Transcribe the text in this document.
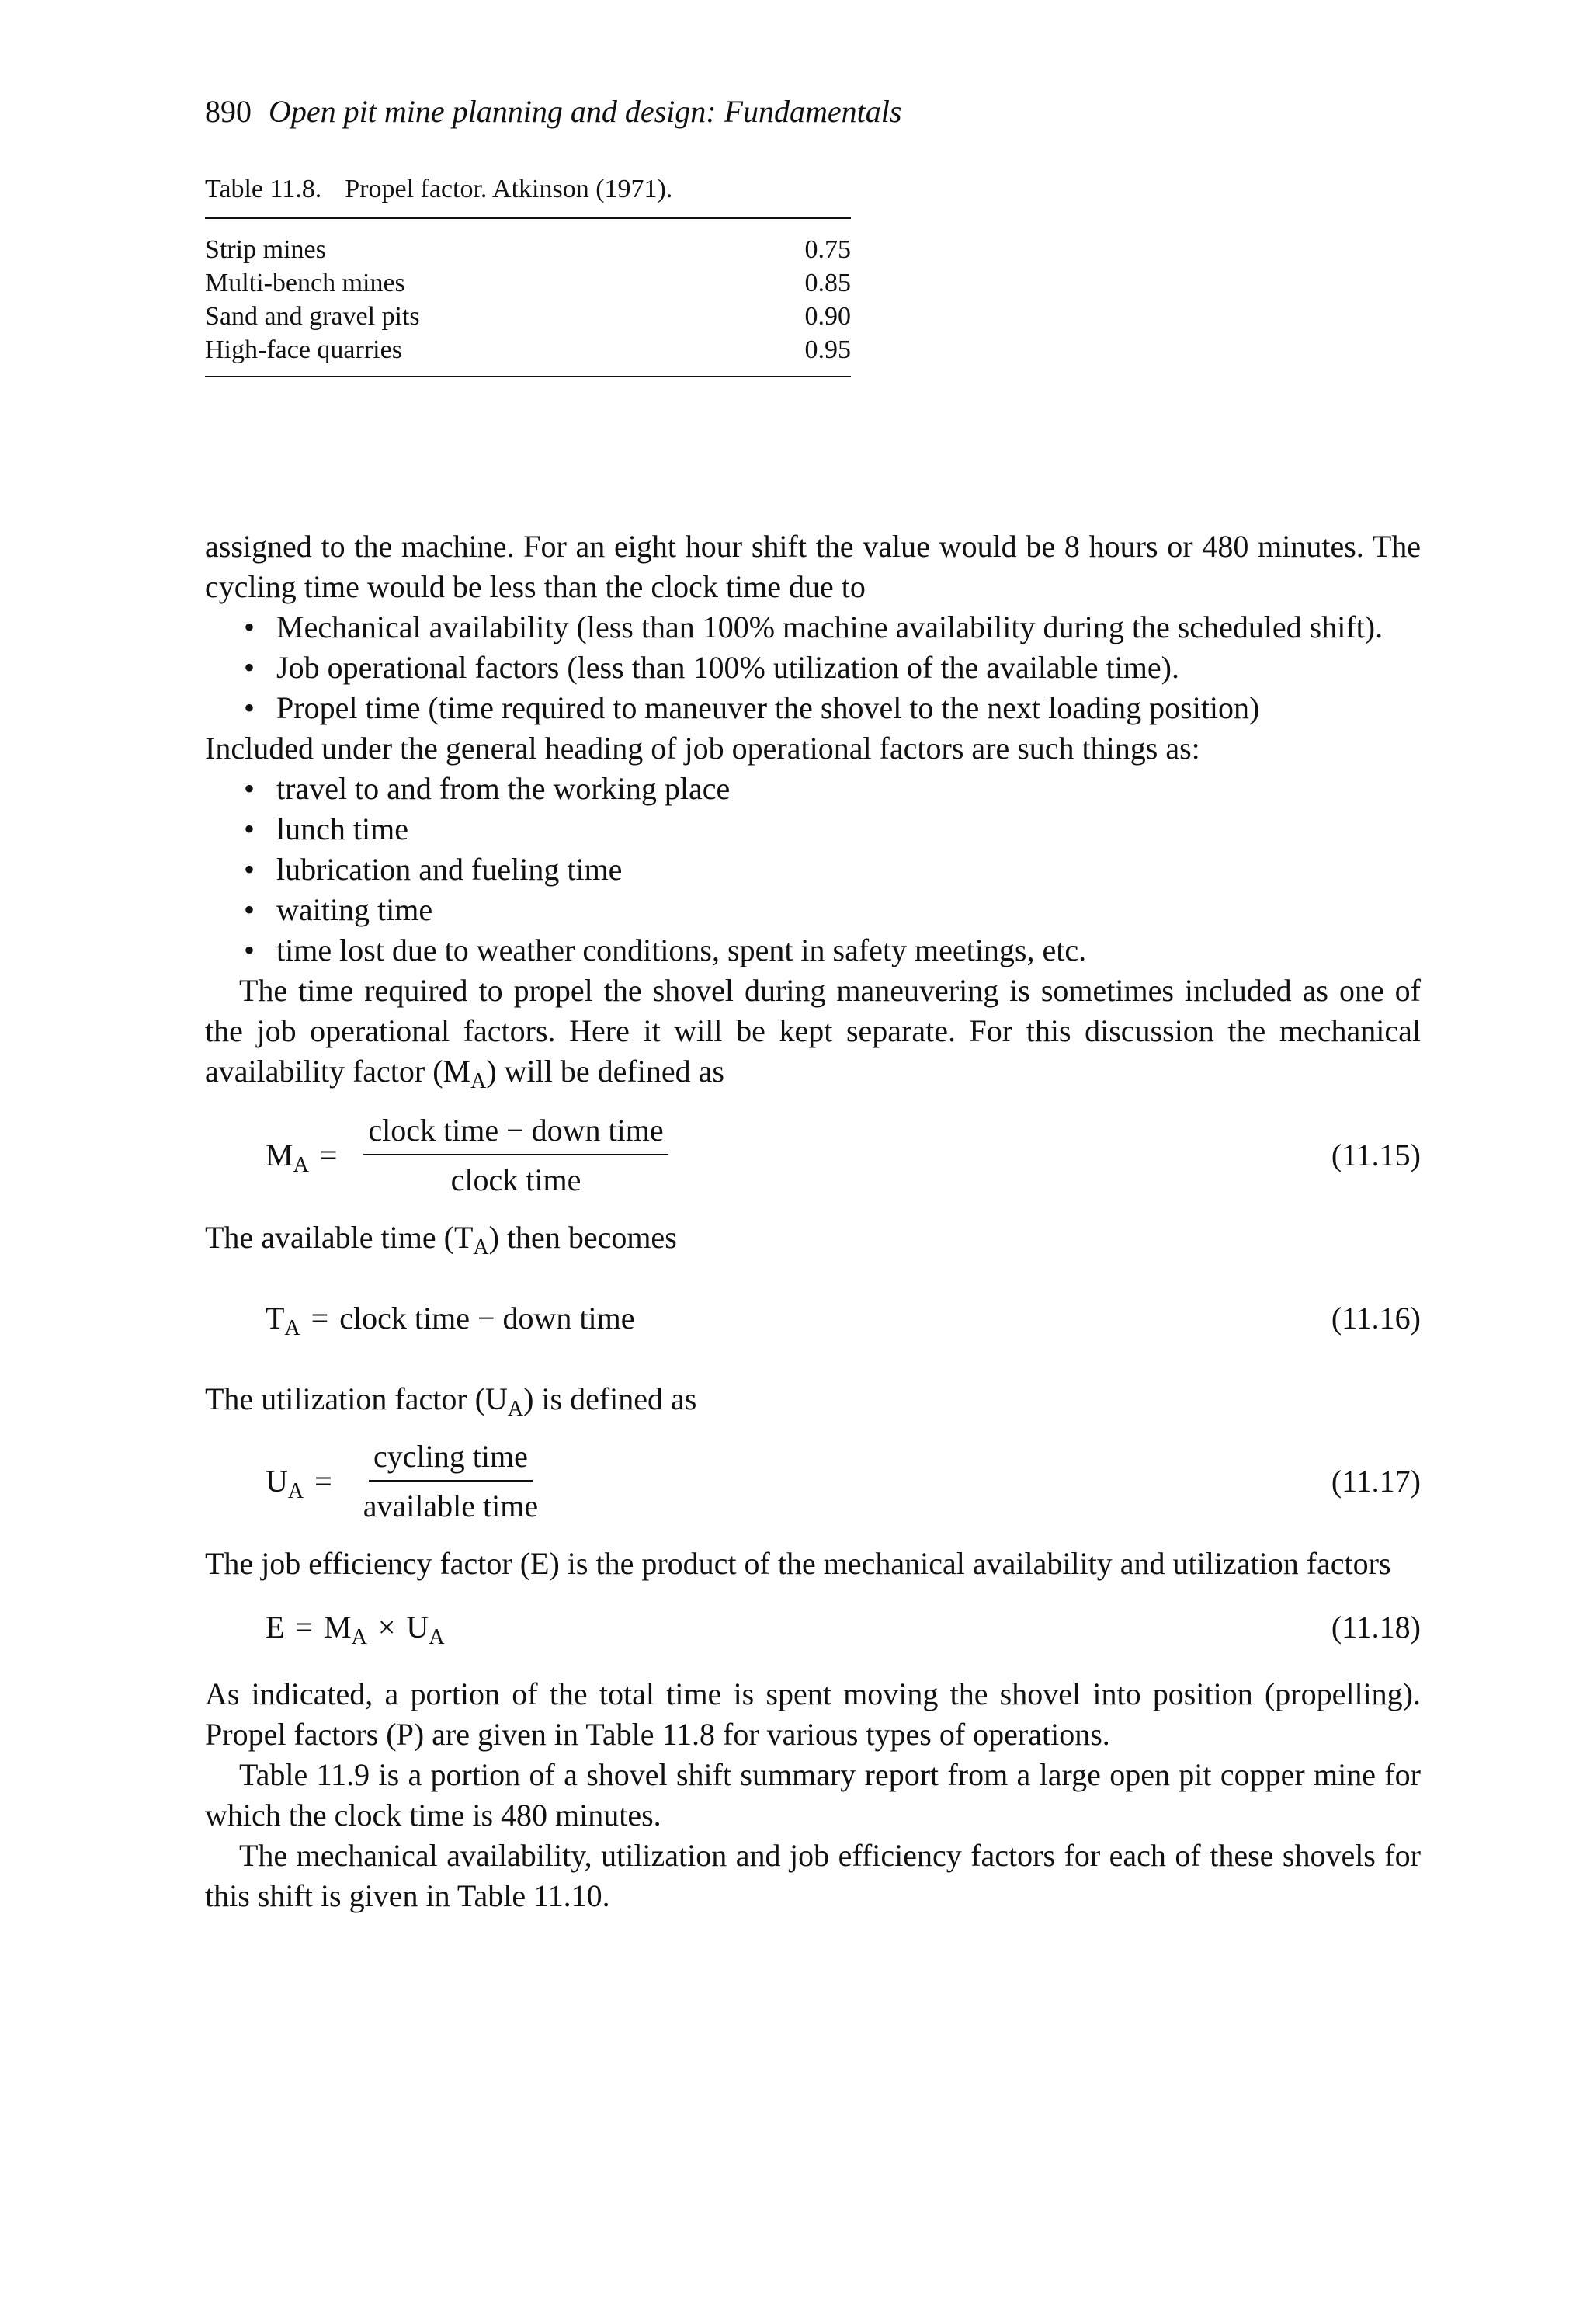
890 Open pit mine planning and design: Fundamentals
Table 11.8. Propel factor. Atkinson (1971).
Strip mines	0.75
Multi-bench mines	0.85
Sand and gravel pits	0.90
High-face quarries	0.95

assigned to the machine. For an eight hour shift the value would be 8 hours or 480 minutes. The cycling time would be less than the clock time due to

• Mechanical availability (less than 100% machine availability during the scheduled shift).
• Job operational factors (less than 100% utilization of the available time).
• Propel time (time required to maneuver the shovel to the next loading position)

Included under the general heading of job operational factors are such things as:

• travel to and from the working place
• lunch time
• lubrication and fueling time
• waiting time
• time lost due to weather conditions, spent in safety meetings, etc.

The time required to propel the shovel during maneuvering is sometimes included as one of the job operational factors. Here it will be kept separate. For this discussion the mechanical availability factor $(M_A)$ will be defined as

$M_A = \frac{\text{clock time − down time}}{\text{clock time}}$	(11.15)

The available time $(T_A)$ then becomes

$T_A$ = clock time − down time	(11.16)

The utilization factor $(U_A)$ is defined as

$U_A = \frac{\text{cycling time}}{\text{available time}}$	(11.17)

The job efficiency factor (E) is the product of the mechanical availability and utilization factors

$E = M_A \times U_A$	(11.18)

As indicated, a portion of the total time is spent moving the shovel into position (propelling). Propel factors (P) are given in Table 11.8 for various types of operations.

Table 11.9 is a portion of a shovel shift summary report from a large open pit copper mine for which the clock time is 480 minutes.

The mechanical availability, utilization and job efficiency factors for each of these shovels for this shift is given in Table 11.10.
